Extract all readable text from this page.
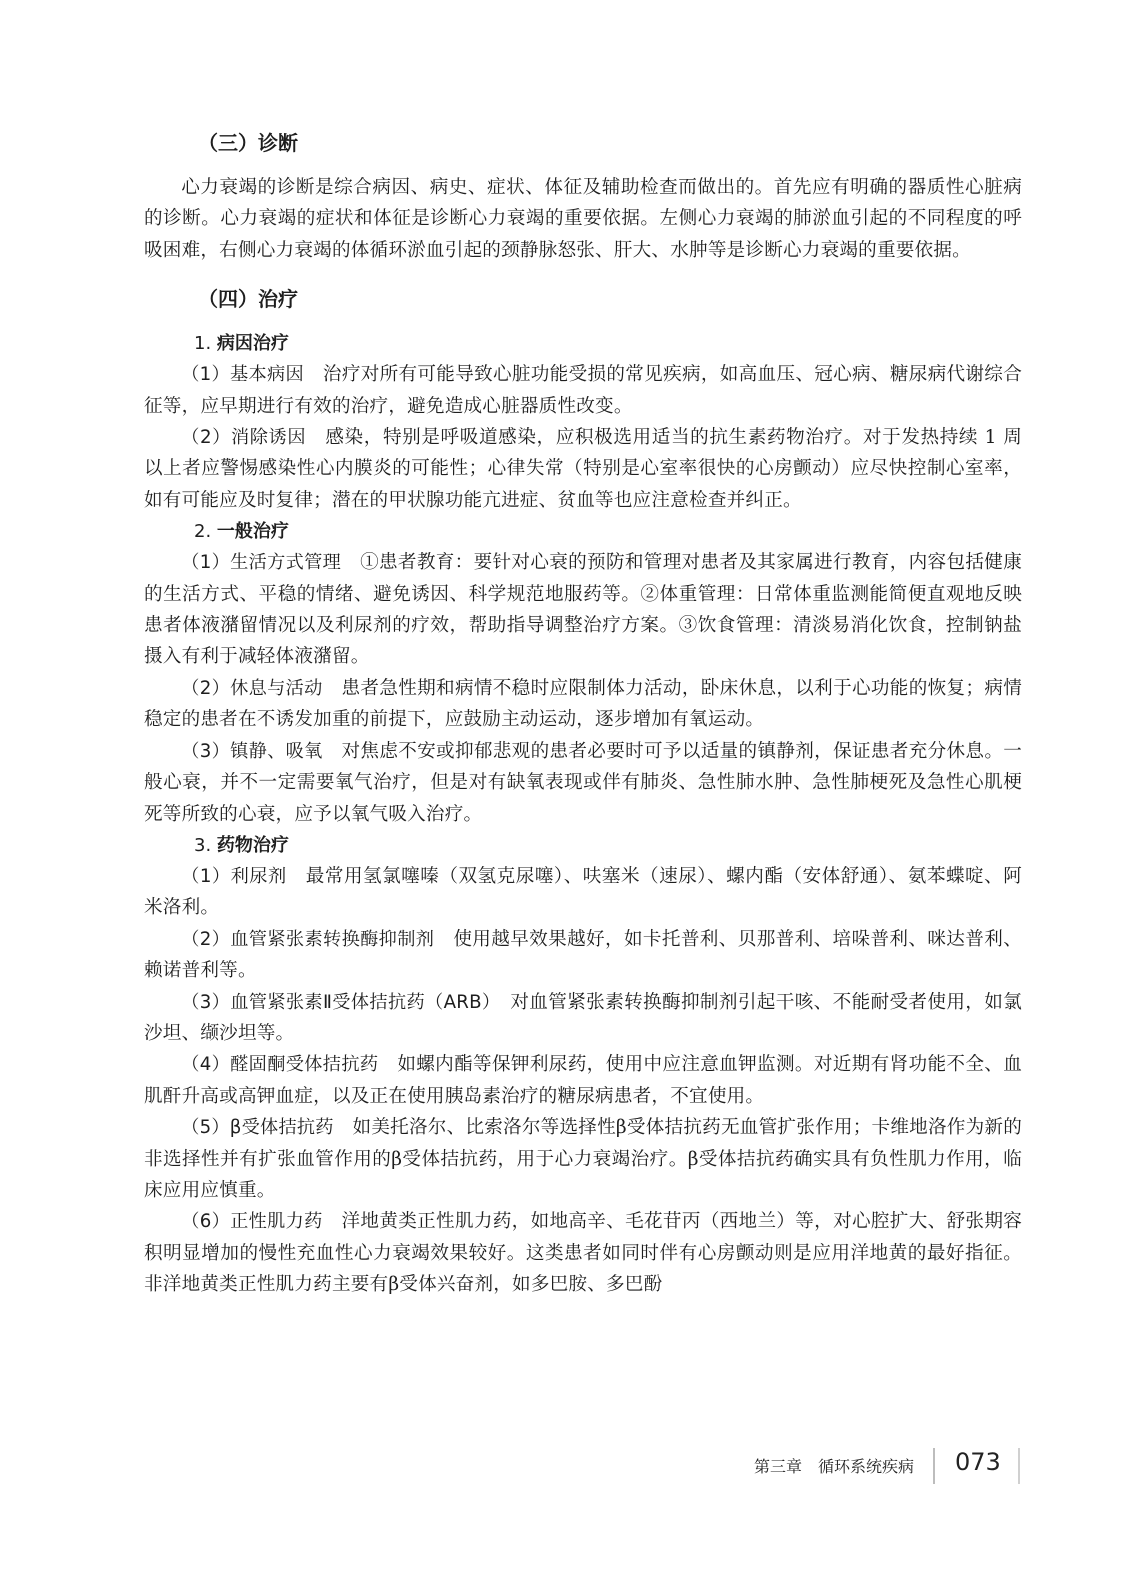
（三）诊断

心力衰竭的诊断是综合病因、病史、症状、体征及辅助检查而做出的。首先应有明确的器质性心脏病的诊断。心力衰竭的症状和体征是诊断心力衰竭的重要依据。左侧心力衰竭的肺淤血引起的不同程度的呼吸困难，右侧心力衰竭的体循环淤血引起的颈静脉怒张、肝大、水肿等是诊断心力衰竭的重要依据。

（四）治疗
1. 病因治疗

（1）基本病因　 治疗对所有可能导致心脏功能受损的常见疾病，如高血压、冠心病、糖尿病代谢综合征等，应早期进行有效的治疗，避免造成心脏器质性改变。

（2）消除诱因　 感染，特别是呼吸道感染，应积极选用适当的抗生素药物治疗。对于发热持续 1 周以上者应警惕感染性心内膜炎的可能性；心律失常（特别是心室率很快的心房颤动）应尽快控制心室率，如有可能应及时复律；潜在的甲状腺功能亢进症、贫血等也应注意检查并纠正。

2. 一般治疗

（1）生活方式管理　 ①患者教育：要针对心衰的预防和管理对患者及其家属进行教育，内容包括健康的生活方式、平稳的情绪、避免诱因、科学规范地服药等。②体重管理：日常体重监测能简便直观地反映患者体液潴留情况以及利尿剂的疗效，帮助指导调整治疗方案。③饮食管理：清淡易消化饮食，控制钠盐摄入有利于减轻体液潴留。

（2）休息与活动　 患者急性期和病情不稳时应限制体力活动，卧床休息，以利于心功能的恢复；病情稳定的患者在不诱发加重的前提下，应鼓励主动运动，逐步增加有氧运动。

（3）镇静、吸氧　 对焦虑不安或抑郁悲观的患者必要时可予以适量的镇静剂，保证患者充分休息。一般心衰，并不一定需要氧气治疗，但是对有缺氧表现或伴有肺炎、急性肺水肿、急性肺梗死及急性心肌梗死等所致的心衰，应予以氧气吸入治疗。

3. 药物治疗

（1）利尿剂　 最常用氢氯噻嗪（双氢克尿噻）、呋塞米（速尿）、螺内酯（安体舒通）、氨苯蝶啶、阿米洛利。

（2）血管紧张素转换酶抑制剂　 使用越早效果越好，如卡托普利、贝那普利、培哚普利、咪达普利、赖诺普利等。

（3）血管紧张素Ⅱ受体拮抗药（ARB）　 对血管紧张素转换酶抑制剂引起干咳、不能耐受者使用，如氯沙坦、缬沙坦等。

（4）醛固酮受体拮抗药　 如螺内酯等保钾利尿药，使用中应注意血钾监测。对近期有肾功能不全、血肌酐升高或高钾血症，以及正在使用胰岛素治疗的糖尿病患者，不宜使用。

（5）β受体拮抗药　 如美托洛尔、比索洛尔等选择性β受体拮抗药无血管扩张作用；卡维地洛作为新的非选择性并有扩张血管作用的β受体拮抗药，用于心力衰竭治疗。β受体拮抗药确实具有负性肌力作用，临床应用应慎重。

（6）正性肌力药　 洋地黄类正性肌力药，如地高辛、毛花苷丙（西地兰）等，对心腔扩大、舒张期容积明显增加的慢性充血性心力衰竭效果较好。这类患者如同时伴有心房颤动则是应用洋地黄的最好指征。非洋地黄类正性肌力药主要有β受体兴奋剂，如多巴胺、多巴酚

第三章　循环系统疾病 073
